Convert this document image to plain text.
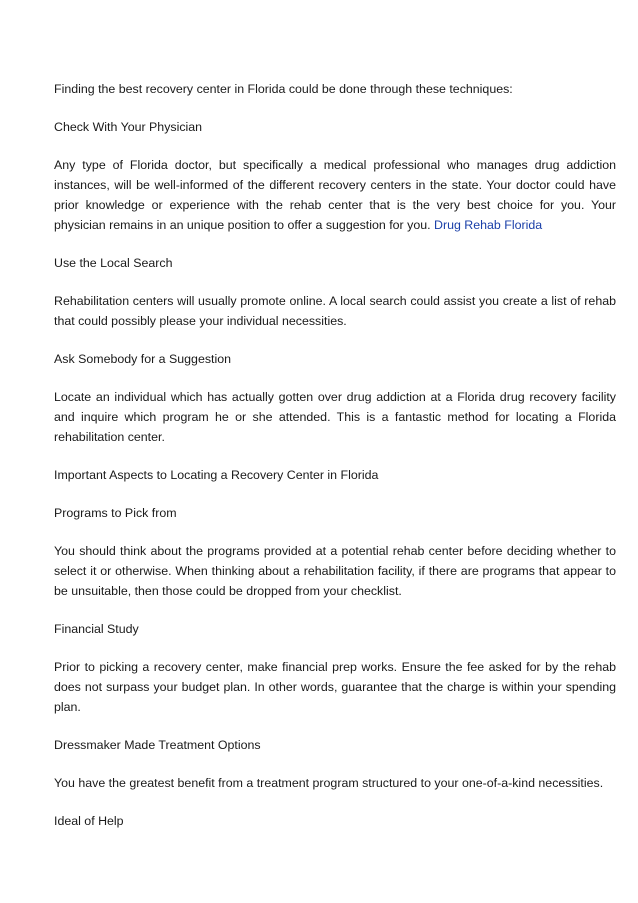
Finding the best recovery center in Florida could be done through these techniques:

Check With Your Physician

Any type of Florida doctor, but specifically a medical professional who manages drug addiction instances, will be well-informed of the different recovery centers in the state. Your doctor could have prior knowledge or experience with the rehab center that is the very best choice for you. Your physician remains in an unique position to offer a suggestion for you. Drug Rehab Florida

Use the Local Search

Rehabilitation centers will usually promote online. A local search could assist you create a list of rehab that could possibly please your individual necessities.

Ask Somebody for a Suggestion

Locate an individual which has actually gotten over drug addiction at a Florida drug recovery facility and inquire which program he or she attended. This is a fantastic method for locating a Florida rehabilitation center.

Important Aspects to Locating a Recovery Center in Florida

Programs to Pick from

You should think about the programs provided at a potential rehab center before deciding whether to select it or otherwise. When thinking about a rehabilitation facility, if there are programs that appear to be unsuitable, then those could be dropped from your checklist.

Financial Study

Prior to picking a recovery center, make financial prep works. Ensure the fee asked for by the rehab does not surpass your budget plan. In other words, guarantee that the charge is within your spending plan.

Dressmaker Made Treatment Options

You have the greatest benefit from a treatment program structured to your one-of-a-kind necessities.

Ideal of Help
